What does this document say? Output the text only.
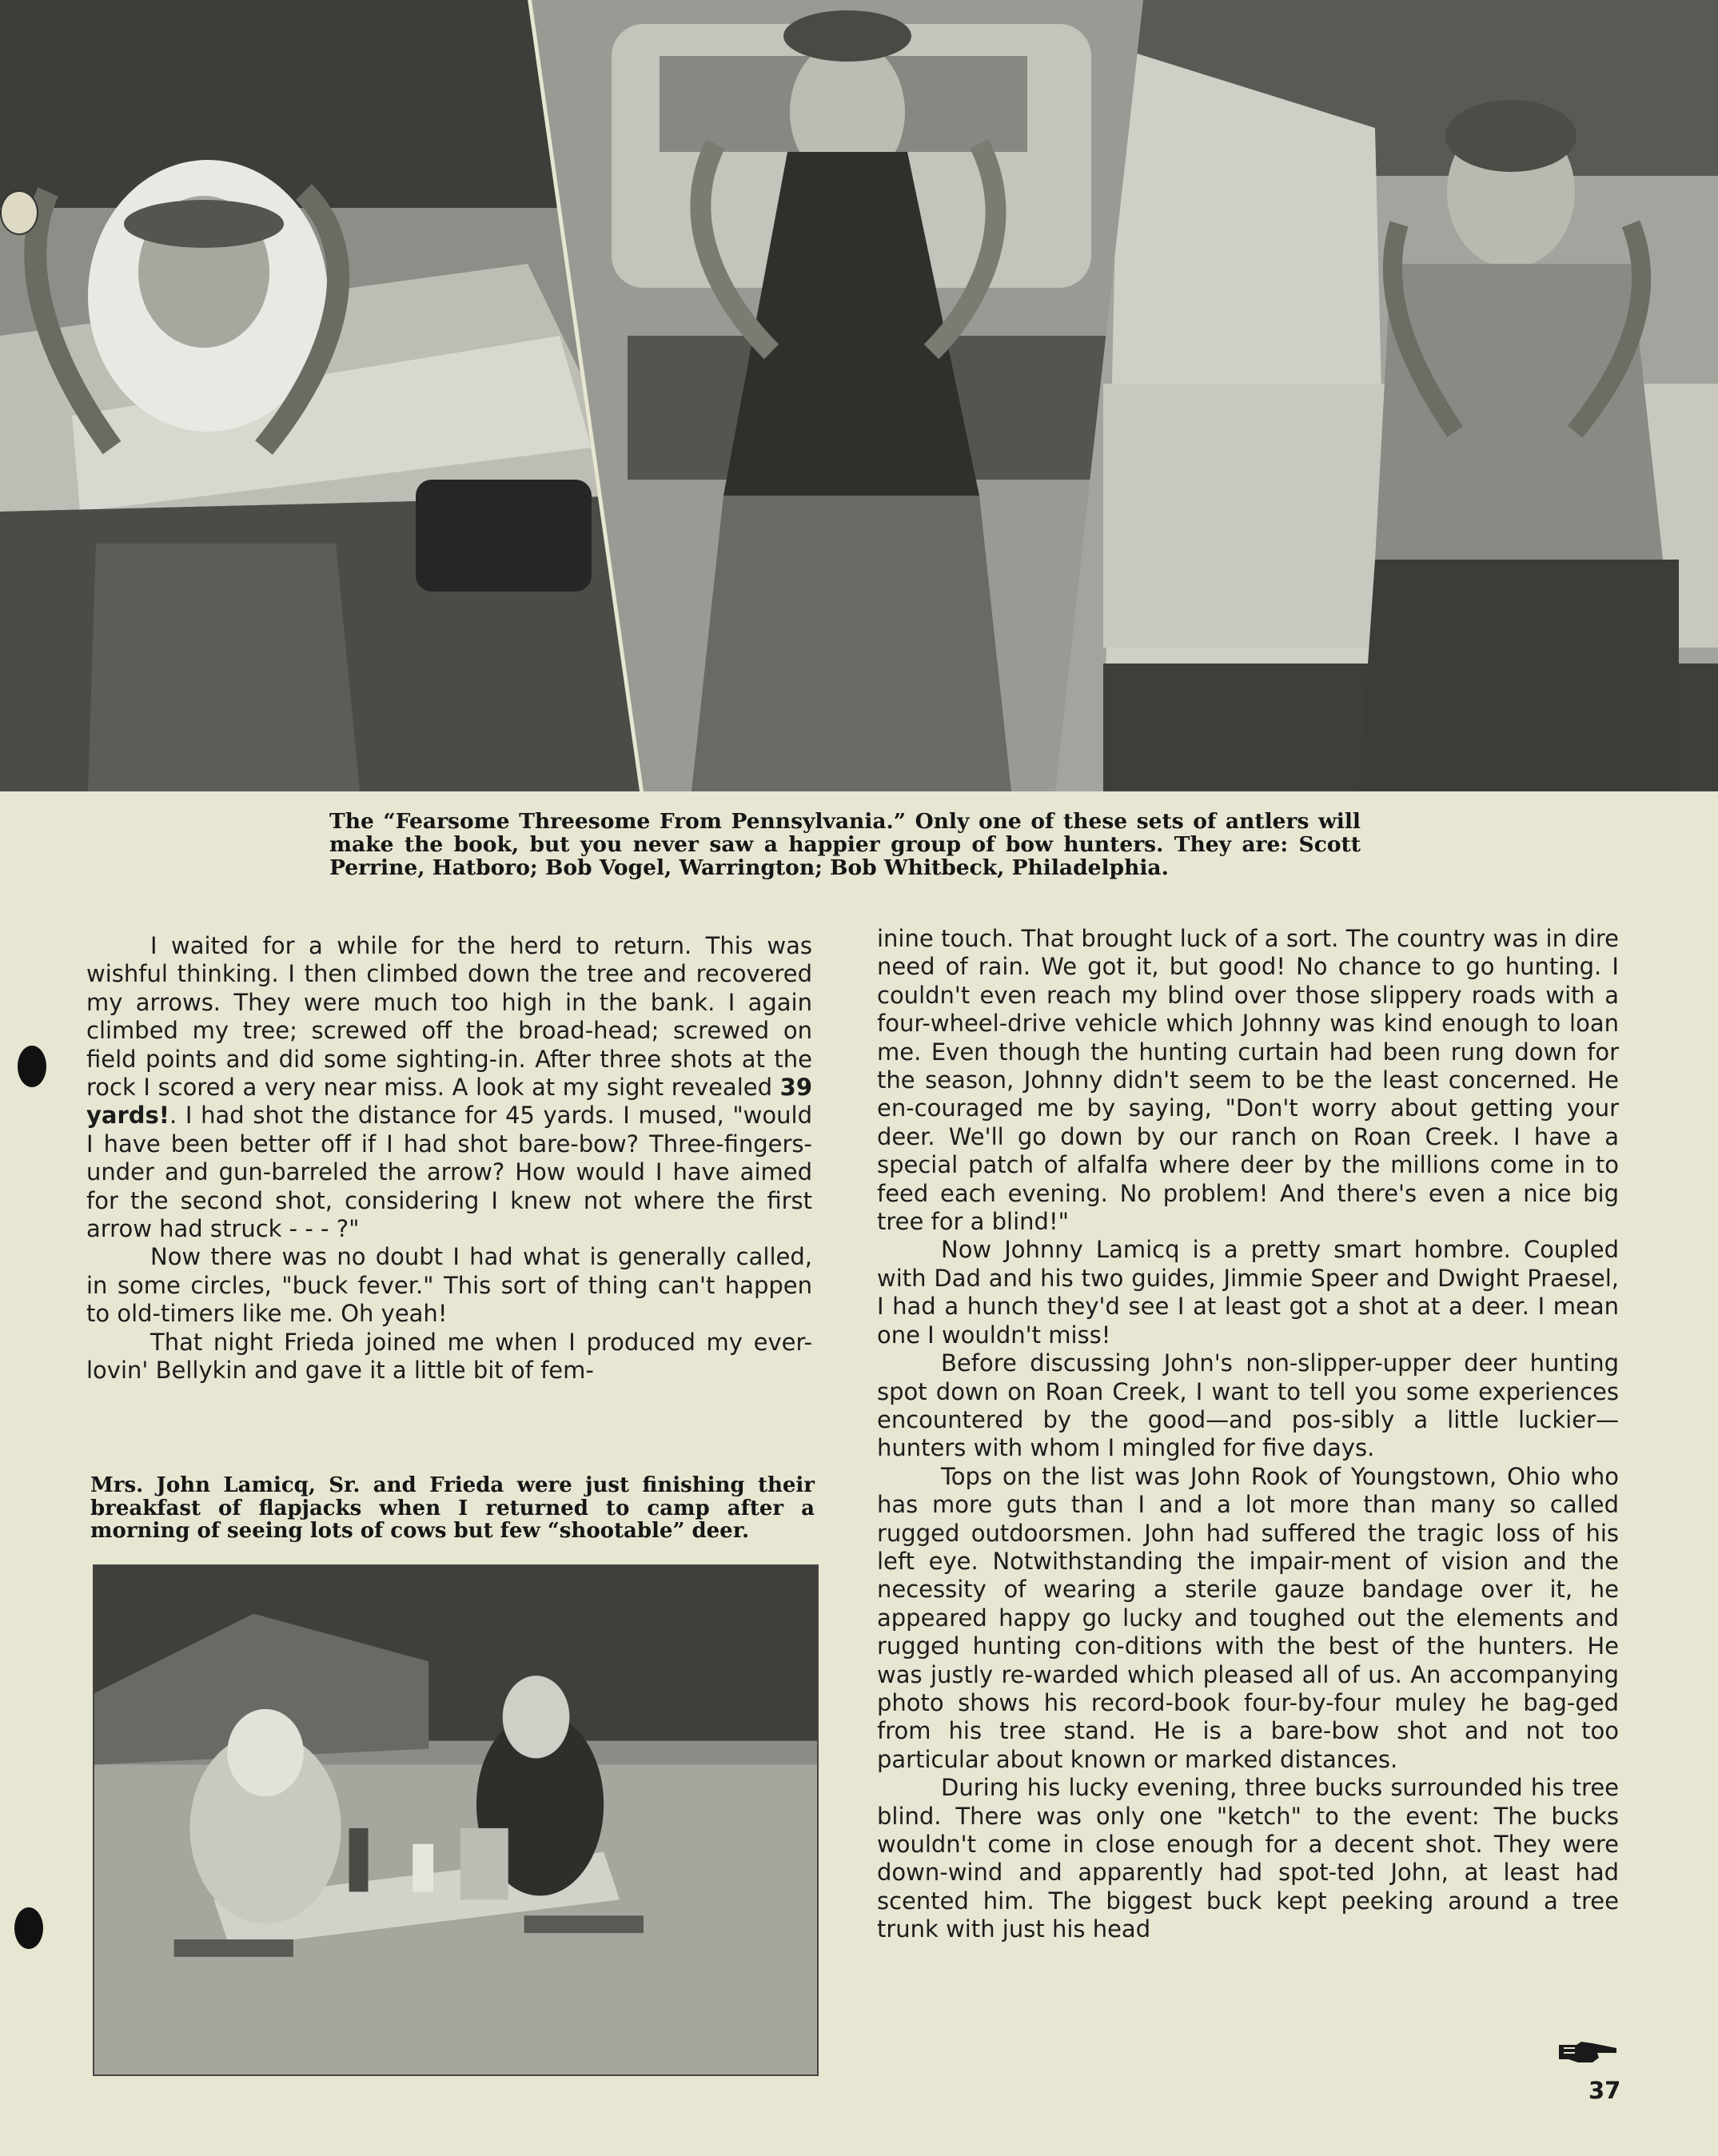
The “Fearsome Threesome From Pennsylvania.” Only one of these sets of antlers will make the book, but you never saw a happier group of bow hunters. They are: Scott Perrine, Hatboro; Bob Vogel, Warrington; Bob Whitbeck, Philadelphia.

I waited for a while for the herd to return. This was wishful thinking. I then climbed down the tree and recovered my arrows. They were much too high in the bank. I again climbed my tree; screwed off the broad-head; screwed on field points and did some sighting-in. After three shots at the rock I scored a very near miss. A look at my sight revealed 39 yards!. I had shot the distance for 45 yards. I mused, "would I have been better off if I had shot bare-bow? Three-fingers-under and gun-barreled the arrow? How would I have aimed for the second shot, considering I knew not where the first arrow had struck - - - ?"

Now there was no doubt I had what is generally called, in some circles, "buck fever." This sort of thing can't happen to old-timers like me. Oh yeah!

That night Frieda joined me when I produced my ever-lovin' Bellykin and gave it a little bit of fem-

Mrs. John Lamicq, Sr. and Frieda were just finishing their breakfast of flapjacks when I returned to camp after a morning of seeing lots of cows but few “shootable” deer.

inine touch. That brought luck of a sort. The country was in dire need of rain. We got it, but good! No chance to go hunting. I couldn't even reach my blind over those slippery roads with a four-wheel-drive vehicle which Johnny was kind enough to loan me. Even though the hunting curtain had been rung down for the season, Johnny didn't seem to be the least concerned. He en-couraged me by saying, "Don't worry about getting your deer. We'll go down by our ranch on Roan Creek. I have a special patch of alfalfa where deer by the millions come in to feed each evening. No problem! And there's even a nice big tree for a blind!"

Now Johnny Lamicq is a pretty smart hombre. Coupled with Dad and his two guides, Jimmie Speer and Dwight Praesel, I had a hunch they'd see I at least got a shot at a deer. I mean one I wouldn't miss!

Before discussing John's non-slipper-upper deer hunting spot down on Roan Creek, I want to tell you some experiences encountered by the good—and pos-sibly a little luckier—hunters with whom I mingled for five days.

Tops on the list was John Rook of Youngstown, Ohio who has more guts than I and a lot more than many so called rugged outdoorsmen. John had suffered the tragic loss of his left eye. Notwithstanding the impair-ment of vision and the necessity of wearing a sterile gauze bandage over it, he appeared happy go lucky and toughed out the elements and rugged hunting con-ditions with the best of the hunters. He was justly re-warded which pleased all of us. An accompanying photo shows his record-book four-by-four muley he bag-ged from his tree stand. He is a bare-bow shot and not too particular about known or marked distances.

During his lucky evening, three bucks surrounded his tree blind. There was only one "ketch" to the event: The bucks wouldn't come in close enough for a decent shot. They were down-wind and apparently had spot-ted John, at least had scented him. The biggest buck kept peeking around a tree trunk with just his head

37
